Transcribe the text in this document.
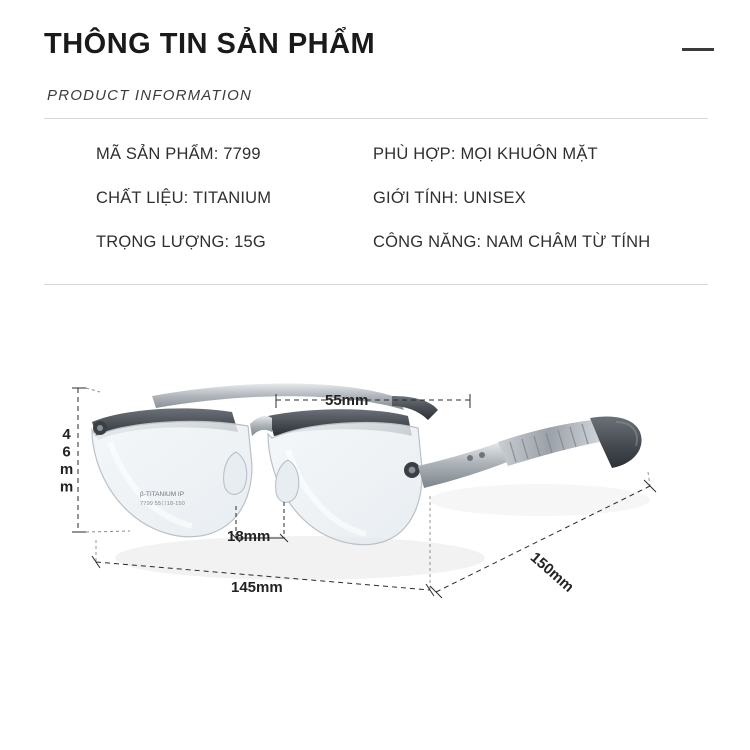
THÔNG TIN SẢN PHẨM
PRODUCT INFORMATION
MÃ SẢN PHẨM: 7799	PHÙ HỢP: MỌI KHUÔN MẶT
CHẤT LIỆU: TITANIUM	GIỚI TÍNH: UNISEX
TRỌNG LƯỢNG: 15G	CÔNG NĂNG: NAM CHÂM TỪ TÍNH
β-TITANIUM IP
7799 55口18-150
46mm
55mm
18mm
145mm	150mm
